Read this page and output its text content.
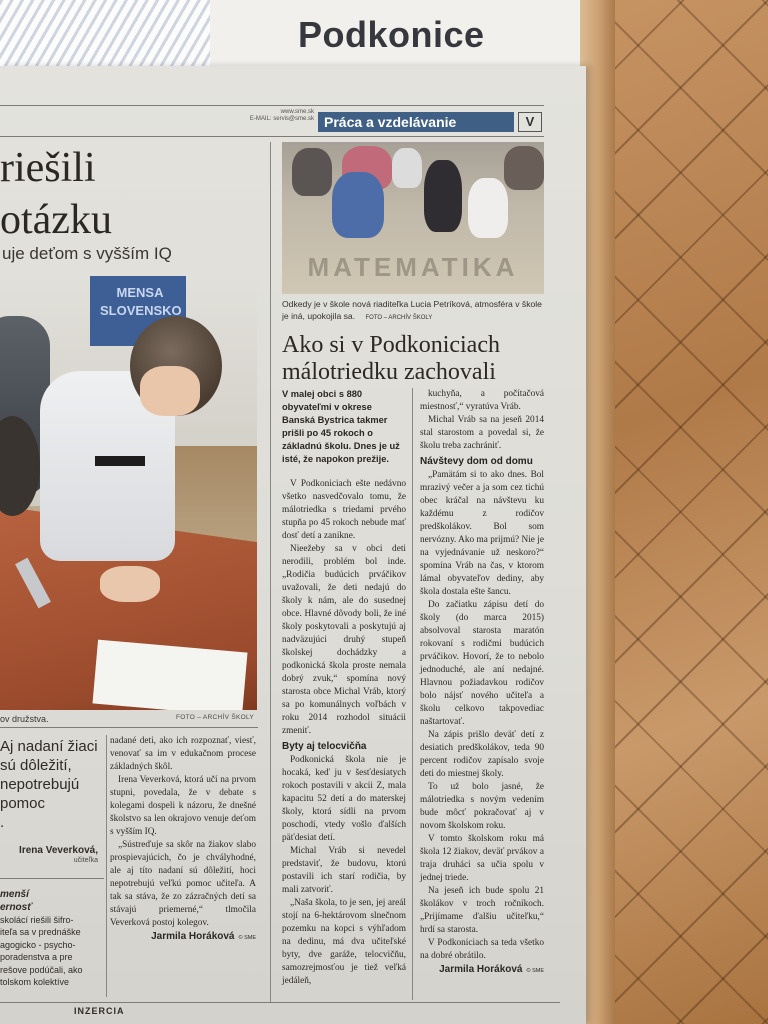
Podkonice
www.sme.sk
E-MAIL: servis@sme.sk Práca a vzdelávanie	V
riešili
otázku
uje deťom s vyšším IQ
MENSA
SLOVENSKO
ov družstva.	FOTO – ARCHÍV ŠKOLY
Aj nadaní žiaci
sú dôležití,
nepotrebujú
pomoc
.
Irena Veverková,
učiteľka
menší
ernosť
skolácí riešili šifro-
iteľa sa v prednáške
agogicko - psycho-
poradenstva a pre
rešove podúčali, ako
tolskom kolektíve

nadané deti, ako ich rozpoznať, viesť, venovať sa im v edukačnom procese základných škôl.

Irena Veverková, ktorá učí na prvom stupni, povedala, že v debate s kolegami dospeli k názoru, že dnešné školstvo sa len okrajovo venuje deťom s vyšším IQ.

„Sústreďuje sa skôr na žiakov slabo prospievajúcich, čo je chvályhodné, ale aj títo nadaní sú dôležití, hoci nepotrebujú veľkú pomoc učiteľa. A tak sa stáva, že zo zázračných detí sa stávajú priemerné,“ tlmočila Veverková postoj kolegov.

Jarmila Horáková © SME
MATEMATIKA
Odkedy je v škole nová riaditeľka Lucia Petríková, atmosféra v škole je iná, upokojila sa. FOTO – ARCHÍV ŠKOLY
Ako si v Podkoniciach málotriedku zachovali
V malej obci s 880 obyvateľmi v okrese Banská Bystrica takmer prišli po 45 rokoch o základnú školu. Dnes je už isté, že napokon prežije.

V Podkoniciach ešte nedávno všetko nasvedčovalo tomu, že málotriedka s triedami prvého stupňa po 45 rokoch nebude mať dosť detí a zanikne.

Nieežeby sa v obci deti nerodili, problém bol inde. „Rodičia budúcich prváčikov uvažovali, že deti nedajú do školy k nám, ale do susednej obce. Hlavné dôvody boli, že iné školy poskytovali a poskytujú aj nadväzujúci druhý stupeň školskej dochádzky a podkonická škola proste nemala dobrý zvuk,“ spomína nový starosta obce Michal Vráb, ktorý sa po komunálnych voľbách v roku 2014 rozhodol situácii zmeniť.

Byty aj telocvičňa

Podkonická škola nie je hocaká, keď ju v šesťdesiatych rokoch postavili v akcii Z, mala kapacitu 52 detí a do materskej školy, ktorá sídli na prvom poschodí, vtedy vošlo ďalších päťdesiat detí.

Michal Vráb si nevedel predstaviť, že budovu, ktorú postavili ich starí rodičia, by mali zatvoriť.

„Naša škola, to je sen, jej areál stojí na 6-hektárovom slnečnom pozemku na kopci s výhľadom na dedinu, má dva učiteľské byty, dve garáže, telocvičňu, samozrejmosťou je tiež veľká jedáleň,

kuchyňa, a počítačová miestnosť,“ vyratúva Vráb.

Michal Vráb sa na jeseň 2014 stal starostom a povedal si, že školu treba zachrániť.

Návštevy dom od domu

„Pamätám si to ako dnes. Bol mrazivý večer a ja som cez tichú obec kráčal na návštevu ku každému z rodičov predškolákov. Bol som nervózny. Ako ma prijmú? Nie je na vyjednávanie už neskoro?“ spomína Vráb na čas, v ktorom lámal obyvateľov dediny, aby škola dostala ešte šancu.

Do začiatku zápisu detí do školy (do marca 2015) absolvoval starosta maratón rokovaní s rodičmi budúcich prváčikov. Hovorí, že to nebolo jednoduché, ale aní nedajné. Hlavnou požiadavkou rodičov bolo nájsť nového učiteľa a školu celkovo takpovediac naštartovať.

Na zápis prišlo deväť detí z desiatich predškolákov, teda 90 percent rodičov zapísalo svoje deti do miestnej školy.

To už bolo jasné, že málotriedka s novým vedením bude môcť pokračovať aj v novom školskom roku.

V tomto školskom roku má škola 12 žiakov, deväť prvákov a traja druháci sa učia spolu v jednej triede.

Na jeseň ich bude spolu 21 školákov v troch ročníkoch. „Prijímame ďalšiu učiteľku,“ hrdí sa starosta.

V Podkoniciach sa teda všetko na dobré obrátilo.

Jarmila Horáková © SME
INZERCIA
